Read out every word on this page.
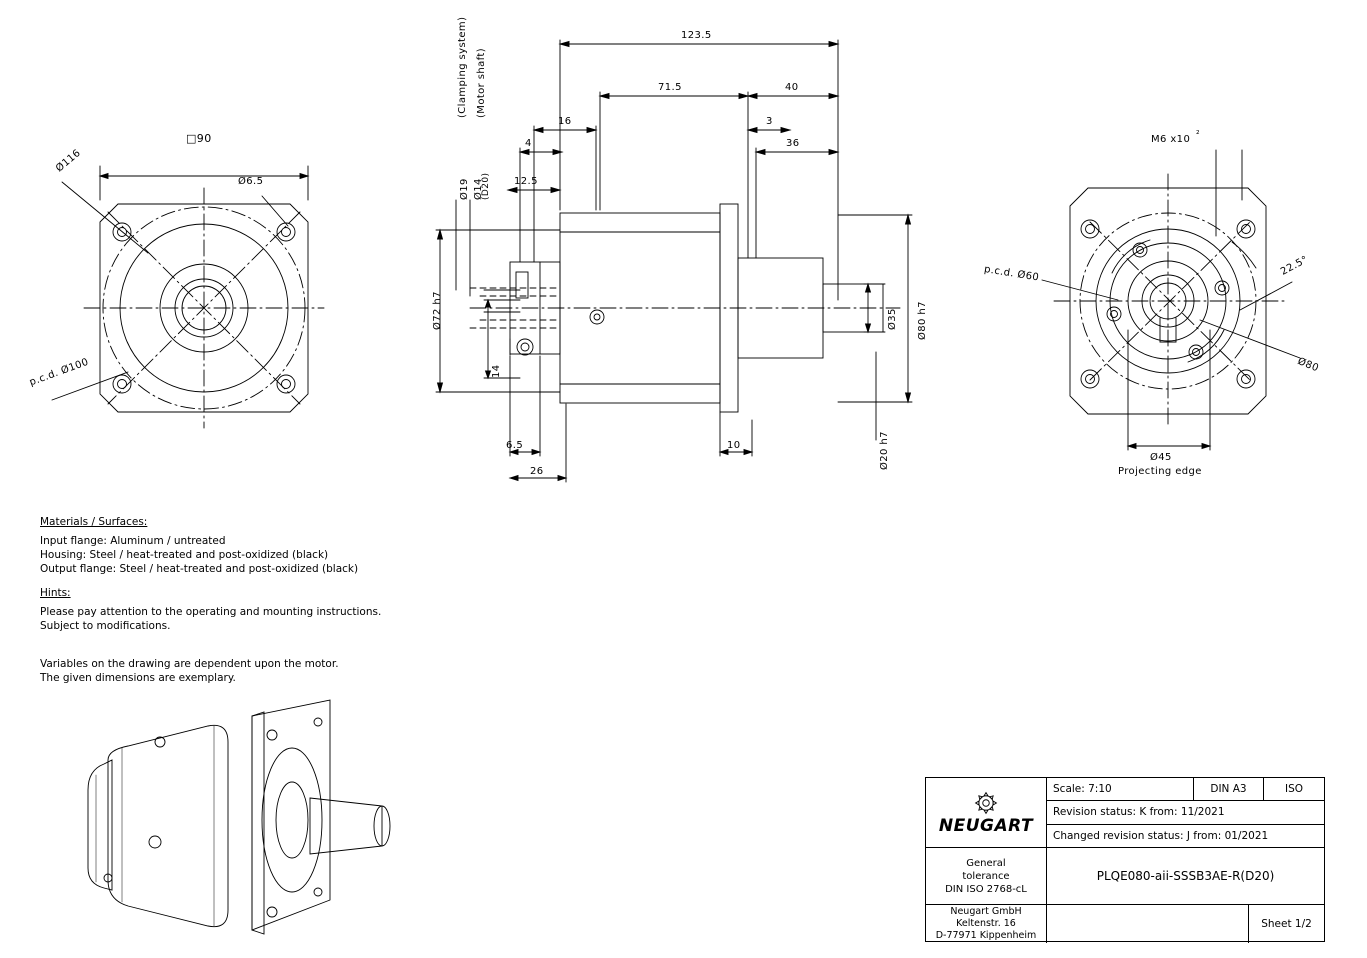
□90
Ø116
Ø6.5
p.c.d. Ø100
123.5
71.5	40
16	3
36
4
12.5
10
6.5
26
14
Ø19 Ø14
(D20)
Ø72 h7	Ø35 Ø80 h7
Ø20 h7
(Clamping system) (Motor shaft)
M6 x10 ²
p.c.d. Ø60	22.5°
Ø80
Ø45
Projecting edge
Materials / Surfaces:
Input flange: Aluminum / untreated
Housing: Steel / heat-treated and post-oxidized (black)
Output flange: Steel / heat-treated and post-oxidized (black)
Hints:
Please pay attention to the operating and mounting instructions.
Subject to modifications.
Variables on the drawing are dependent upon the motor.
The given dimensions are exemplary.
NEUGART
Scale: 7:10	DIN A3	ISO
Revision status: K from: 11/2021
Changed revision status: J from: 01/2021
General
tolerance
DIN ISO 2768-cL
PLQE080-aii-SSSB3AE-R(D20)
Neugart GmbH
Keltenstr. 16
D-77971 Kippenheim
Sheet 1/2
